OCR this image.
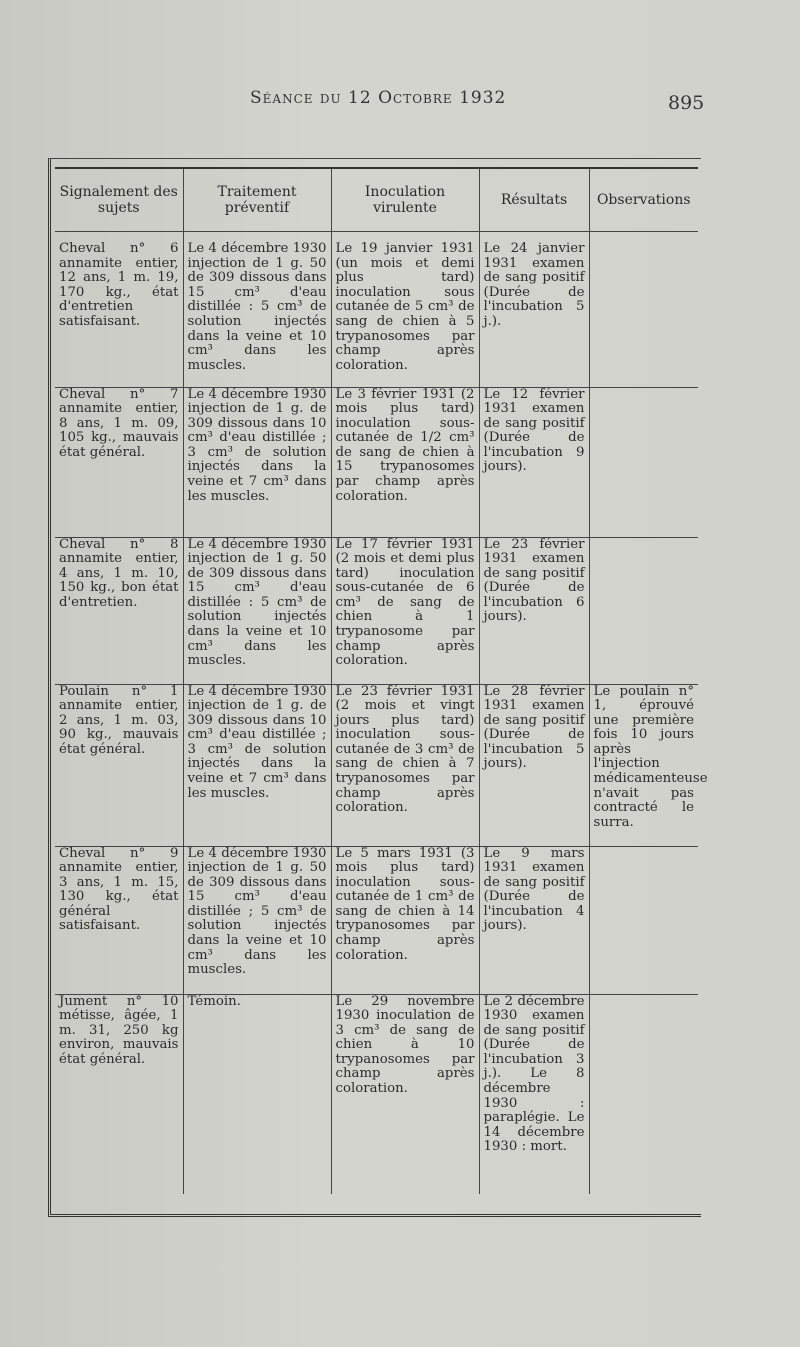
Séance du 12 Octobre 1932	895
Signalement des sujets	Traitement préventif	Inoculation virulente	Résultats	Observations

Cheval n° 6 annamite entier, 12 ans, 1 m. 19, 170 kg., état d'entretien satisfaisant.	Le 4 décembre 1930 injection de 1 g. 50 de 309 dissous dans 15 cm³ d'eau distillée : 5 cm³ de solution injectés dans la veine et 10 cm³ dans les muscles.	Le 19 janvier 1931 (un mois et demi plus tard) inoculation sous cutanée de 5 cm³ de sang de chien à 5 trypanosomes par champ après coloration.	Le 24 janvier 1931 examen de sang positif (Durée de l'incubation 5 j.).	
Cheval n° 7 annamite entier, 8 ans, 1 m. 09, 105 kg., mauvais état général.	Le 4 décembre 1930 injection de 1 g. de 309 dissous dans 10 cm³ d'eau distillée ; 3 cm³ de solution injectés dans la veine et 7 cm³ dans les muscles.	Le 3 février 1931 (2 mois plus tard) inoculation sous-cutanée de 1/2 cm³ de sang de chien à 15 trypanosomes par champ après coloration.	Le 12 février 1931 examen de sang positif (Durée de l'incubation 9 jours).	
Cheval n° 8 annamite entier, 4 ans, 1 m. 10, 150 kg., bon état d'entretien.	Le 4 décembre 1930 injection de 1 g. 50 de 309 dissous dans 15 cm³ d'eau distillée : 5 cm³ de solution injectés dans la veine et 10 cm³ dans les muscles.	Le 17 février 1931 (2 mois et demi plus tard) inoculation sous-cutanée de 6 cm³ de sang de chien à 1 trypanosome par champ après coloration.	Le 23 février 1931 examen de sang positif (Durée de l'incubation 6 jours).	
Poulain n° 1 annamite entier, 2 ans, 1 m. 03, 90 kg., mauvais état général.	Le 4 décembre 1930 injection de 1 g. de 309 dissous dans 10 cm³ d'eau distillée ; 3 cm³ de solution injectés dans la veine et 7 cm³ dans les muscles.	Le 23 février 1931 (2 mois et vingt jours plus tard) inoculation sous-cutanée de 3 cm³ de sang de chien à 7 trypanosomes par champ après coloration.	Le 28 février 1931 examen de sang positif (Durée de l'incubation 5 jours).	Le poulain n° 1, éprouvé une première fois 10 jours après l'injection médicamenteuse n'avait pas contracté le surra.
Cheval n° 9 annamite entier, 3 ans, 1 m. 15, 130 kg., état général satisfaisant.	Le 4 décembre 1930 injection de 1 g. 50 de 309 dissous dans 15 cm³ d'eau distillée ; 5 cm³ de solution injectés dans la veine et 10 cm³ dans les muscles.	Le 5 mars 1931 (3 mois plus tard) inoculation sous-cutanée de 1 cm³ de sang de chien à 14 trypanosomes par champ après coloration.	Le 9 mars 1931 examen de sang positif (Durée de l'incubation 4 jours).	
Jument n° 10 métisse, âgée, 1 m. 31, 250 kg environ, mauvais état général.	Témoin.	Le 29 novembre 1930 inoculation de 3 cm³ de sang de chien à 10 trypanosomes par champ après coloration.	Le 2 décembre 1930 examen de sang positif (Durée de l'incubation 3 j.). Le 8 décembre 1930 : paraplégie. Le 14 décembre 1930 : mort.	
